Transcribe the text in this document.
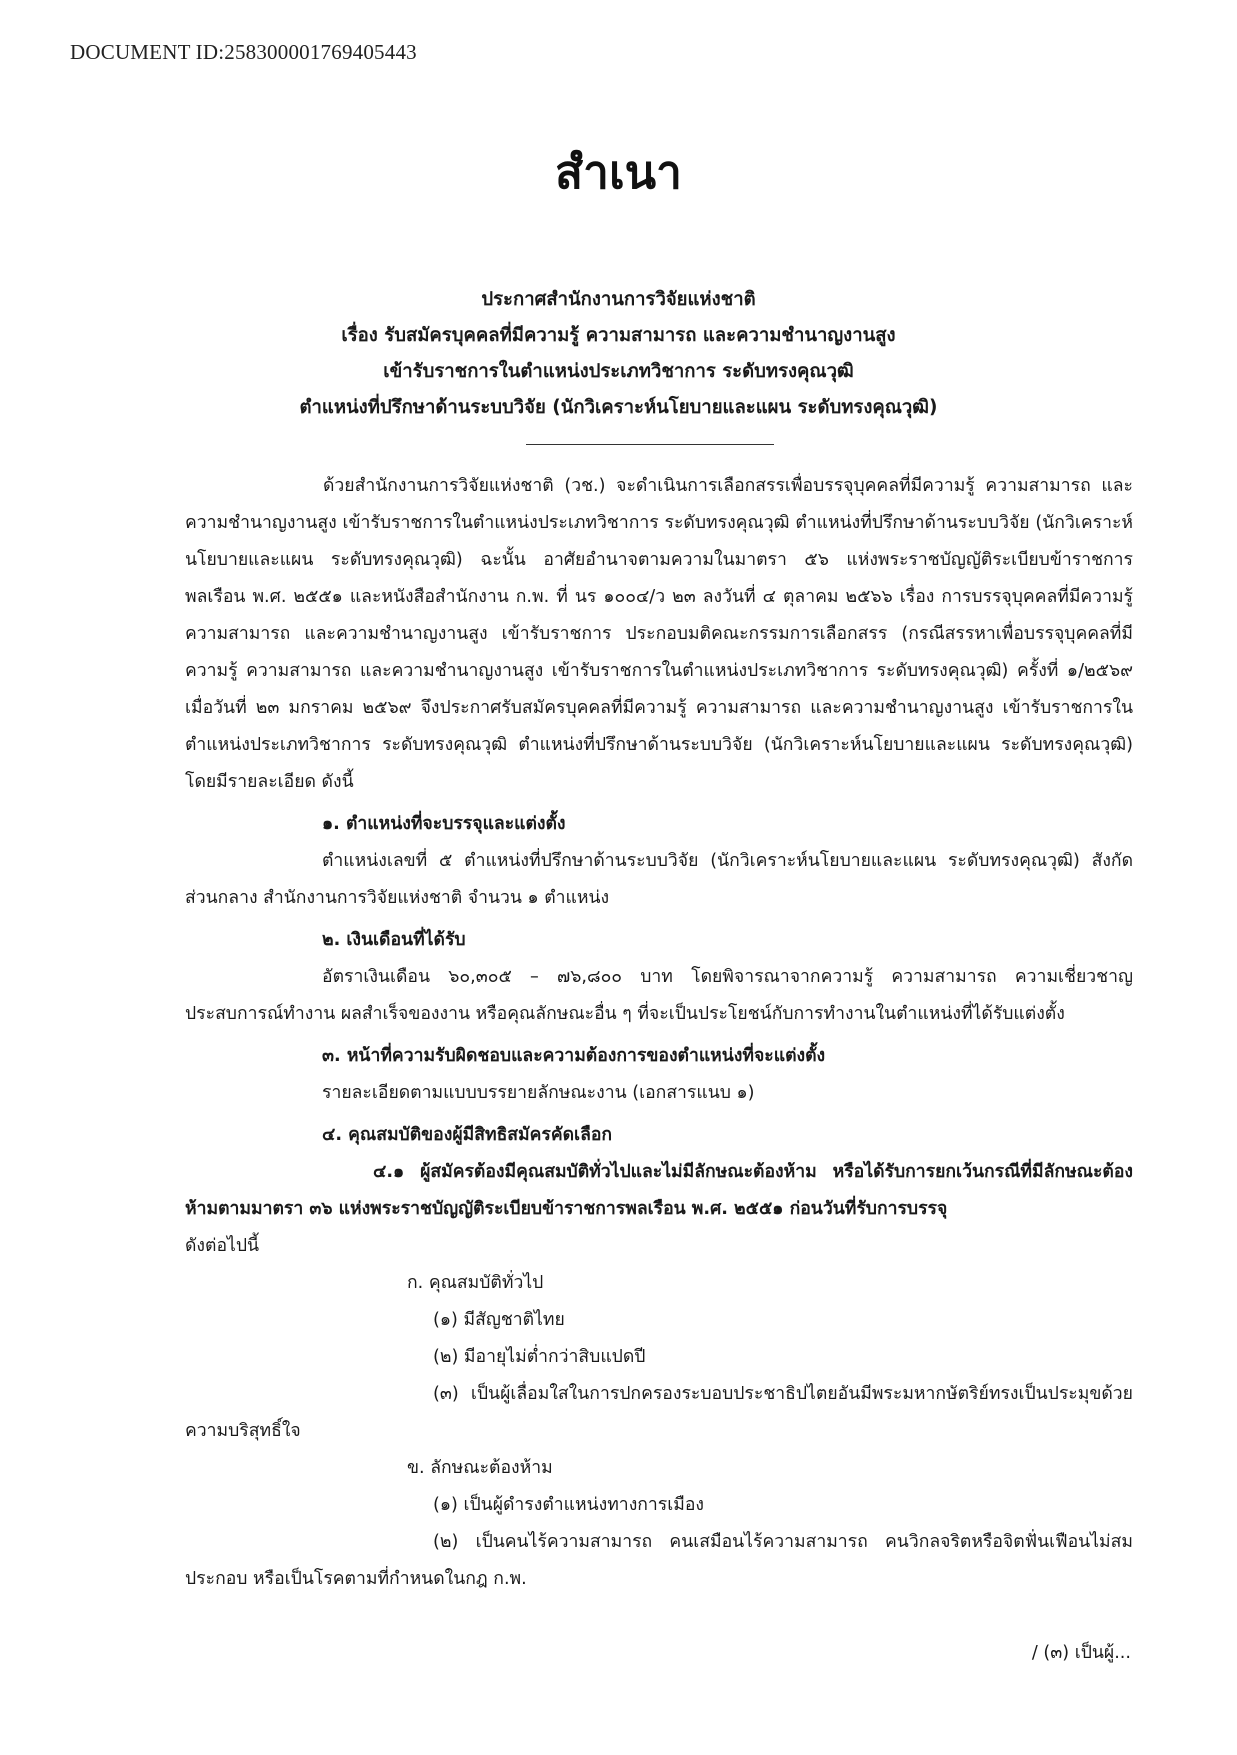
DOCUMENT ID:2583000017694054​43
สำเนา
ประกาศสำนักงานการวิจัยแห่งชาติ
เรื่อง รับสมัครบุคคลที่มีความรู้ ความสามารถ และความชำนาญงานสูง
เข้ารับราชการในตำแหน่งประเภทวิชาการ ระดับทรงคุณวุฒิ
ตำแหน่งที่ปรึกษาด้านระบบวิจัย (นักวิเคราะห์นโยบายและแผน ระดับทรงคุณวุฒิ)

ด้วยสำนักงานการวิจัยแห่งชาติ (วช.) จะดำเนินการเลือกสรรเพื่อบรรจุบุคคลที่มีความรู้ ความสามารถ และความชำนาญงานสูง เข้ารับราชการในตำแหน่งประเภทวิชาการ ระดับทรงคุณวุฒิ ตำแหน่งที่ปรึกษาด้านระบบวิจัย (นักวิเคราะห์นโยบายและแผน ระดับทรงคุณวุฒิ) ฉะนั้น อาศัยอำนาจตามความในมาตรา ๕๖ แห่งพระราชบัญญัติระเบียบข้าราชการพลเรือน พ.ศ. ๒๕๕๑ และหนังสือสำนักงาน ก.พ. ที่ นร ๑๐๐๔/ว ๒๓ ลงวันที่ ๔ ตุลาคม ๒๕๖๖ เรื่อง การบรรจุบุคคลที่มีความรู้ ความสามารถ และความชำนาญงานสูง เข้ารับราชการ ประกอบมติคณะกรรมการเลือกสรร (กรณีสรรหาเพื่อบรรจุบุคคลที่มีความรู้ ความสามารถ และความชำนาญงานสูง เข้ารับราชการในตำแหน่งประเภทวิชาการ ระดับทรงคุณวุฒิ) ครั้งที่ ๑/๒๕๖๙ เมื่อวันที่ ๒๓ มกราคม ๒๕๖๙ จึงประกาศรับสมัครบุคคลที่มีความรู้ ความสามารถ และความชำนาญงานสูง เข้ารับราชการในตำแหน่งประเภทวิชาการ ระดับทรงคุณวุฒิ ตำแหน่งที่ปรึกษาด้านระบบวิจัย (นักวิเคราะห์นโยบายและแผน ระดับทรงคุณวุฒิ) โดยมีรายละเอียด ดังนี้

๑. ตำแหน่งที่จะบรรจุและแต่งตั้ง

ตำแหน่งเลขที่ ๕ ตำแหน่งที่ปรึกษาด้านระบบวิจัย (นักวิเคราะห์นโยบายและแผน ระดับทรงคุณวุฒิ) สังกัดส่วนกลาง สำนักงานการวิจัยแห่งชาติ จำนวน ๑ ตำแหน่ง

๒. เงินเดือนที่ได้รับ

อัตราเงินเดือน ๖๐,๓๐๕ – ๗๖,๘๐๐ บาท โดยพิจารณาจากความรู้ ความสามารถ ความเชี่ยวชาญ ประสบการณ์ทำงาน ผลสำเร็จของงาน หรือคุณลักษณะอื่น ๆ ที่จะเป็นประโยชน์กับการทำงานในตำแหน่งที่ได้รับแต่งตั้ง

๓. หน้าที่ความรับผิดชอบและความต้องการของตำแหน่งที่จะแต่งตั้ง

รายละเอียดตามแบบบรรยายลักษณะงาน (เอกสารแนบ ๑)

๔. คุณสมบัติของผู้มีสิทธิสมัครคัดเลือก

๔.๑ ผู้สมัครต้องมีคุณสมบัติทั่วไปและไม่มีลักษณะต้องห้าม หรือได้รับการยกเว้นกรณีที่มีลักษณะต้องห้ามตามมาตรา ๓๖ แห่งพระราชบัญญัติระเบียบข้าราชการพลเรือน พ.ศ. ๒๕๕๑ ก่อนวันที่รับการบรรจุ

ดังต่อไปนี้

ก. คุณสมบัติทั่วไป

(๑) มีสัญชาติไทย

(๒) มีอายุไม่ต่ำกว่าสิบแปดปี

(๓) เป็นผู้เลื่อมใสในการปกครองระบอบประชาธิปไตยอันมีพระมหากษัตริย์ทรงเป็นประมุขด้วยความบริสุทธิ์ใจ

ข. ลักษณะต้องห้าม

(๑) เป็นผู้ดำรงตำแหน่งทางการเมือง

(๒) เป็นคนไร้ความสามารถ คนเสมือนไร้ความสามารถ คนวิกลจริตหรือจิตฟั่นเฟือนไม่สมประกอบ หรือเป็นโรคตามที่กำหนดในกฎ ก.พ.

/ (๓) เป็นผู้...
